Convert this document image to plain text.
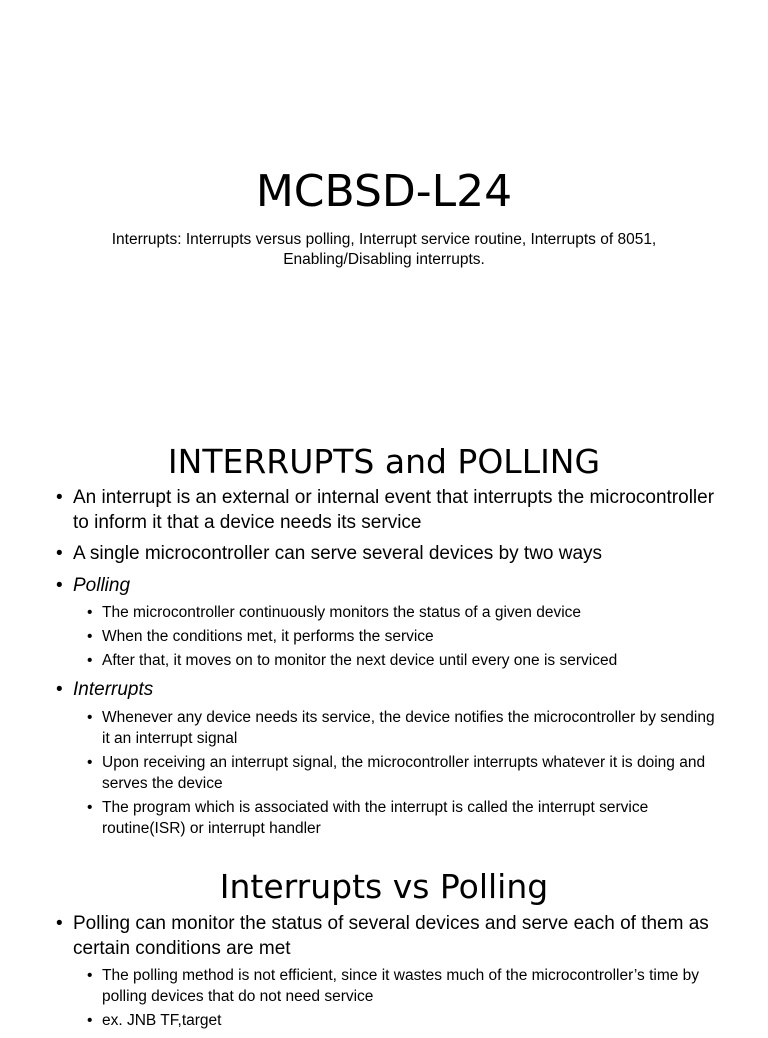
MCBSD-L24

Interrupts: Interrupts versus polling, Interrupt service routine, Interrupts of 8051, Enabling/Disabling interrupts.

INTERRUPTS and POLLING
• An interrupt is an external or internal event that interrupts the microcontroller to inform it that a device needs its service
• A single microcontroller can serve several devices by two ways
• Polling
• The microcontroller continuously monitors the status of a given device
• When the conditions met, it performs the service
• After that, it moves on to monitor the next device until every one is serviced
• Interrupts
• Whenever any device needs its service, the device notifies the microcontroller by sending it an interrupt signal
• Upon receiving an interrupt signal, the microcontroller interrupts whatever it is doing and serves the device
• The program which is associated with the interrupt is called the interrupt service routine(ISR) or interrupt handler
Interrupts vs Polling
• Polling can monitor the status of several devices and serve each of them as certain conditions are met
• The polling method is not efficient, since it wastes much of the microcontroller’s time by polling devices that do not need service
• ex. JNB TF,target
